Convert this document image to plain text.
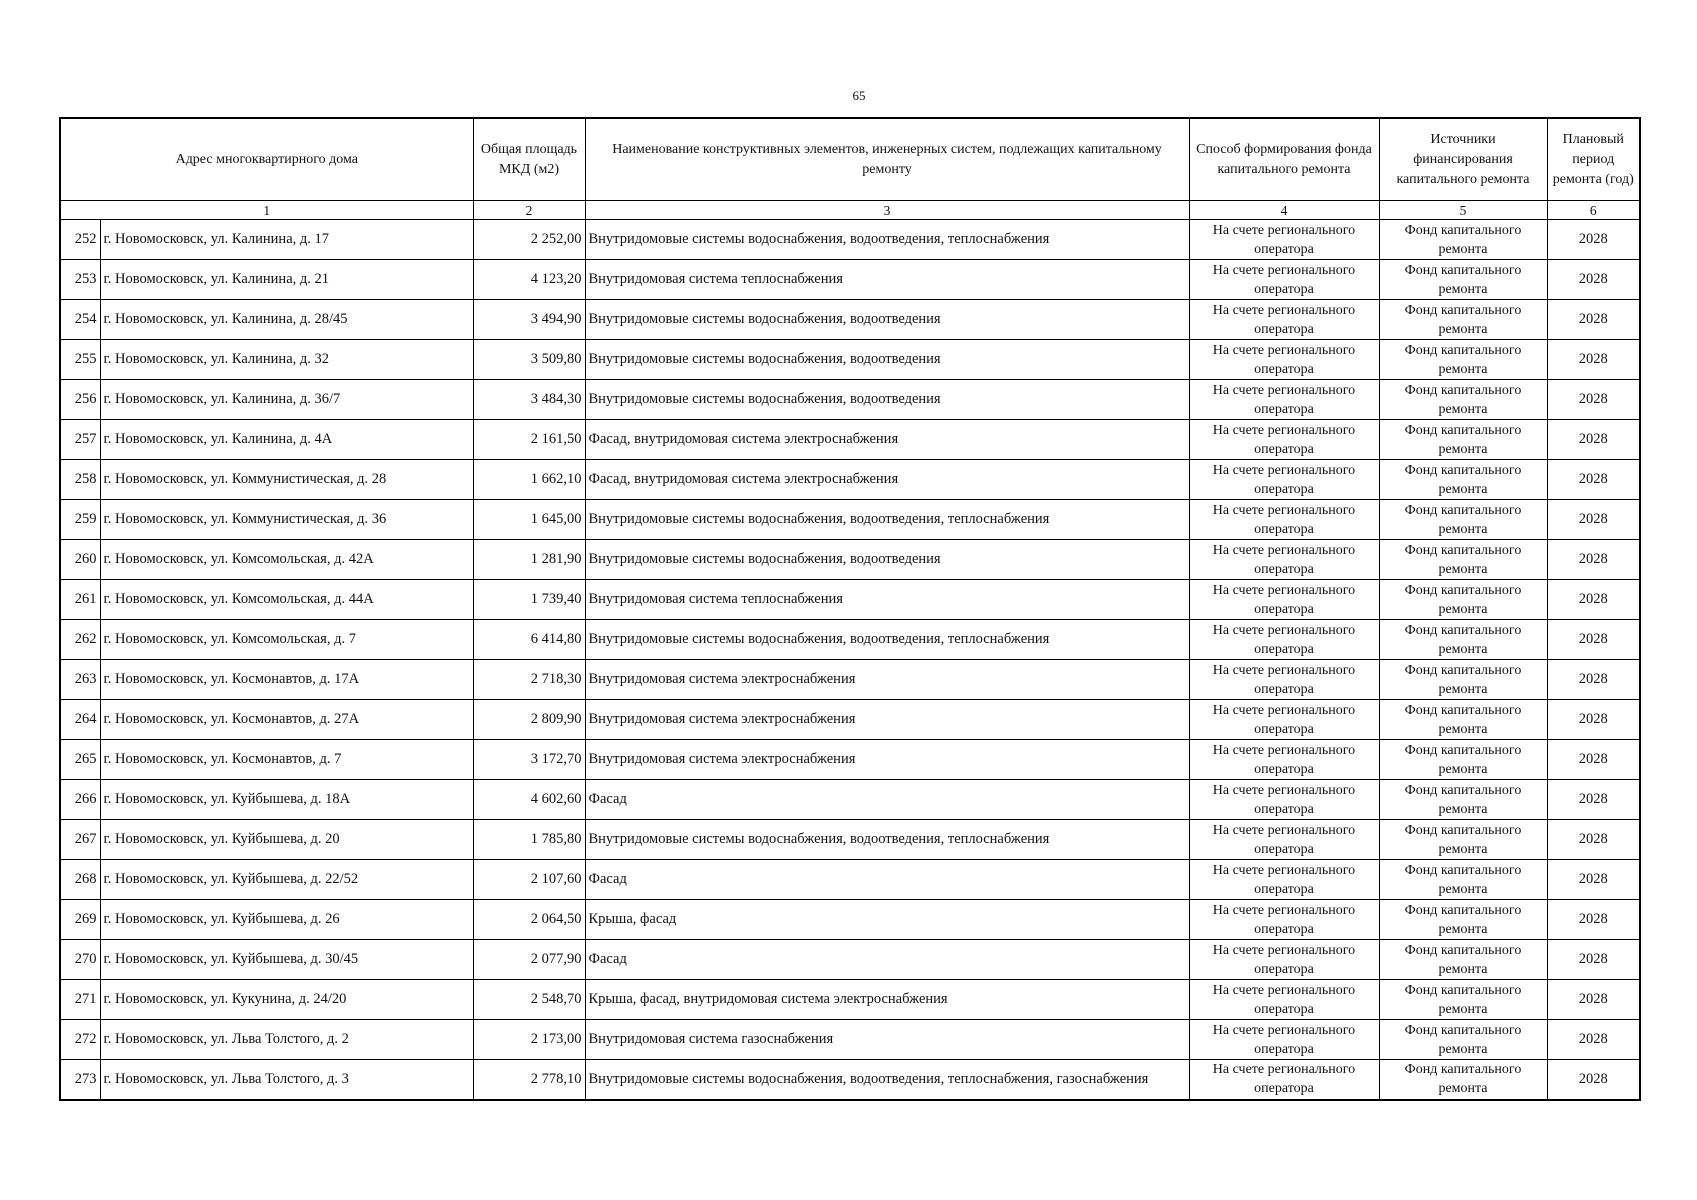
65
Адрес многоквартирного дома		Общая площадь МКД (м2)	Наименование конструктивных элементов, инженерных систем, подлежащих капитальному ремонту	Способ формирования фонда капитального ремонта	Источники финансирования капитального ремонта	Плановый период ремонта (год)
1		2	3	4	5	6
252	г. Новомосковск, ул. Калинина, д. 17	2 252,00	Внутридомовые системы водоснабжения, водоотведения, теплоснабжения	На счете регионального оператора	Фонд капитального ремонта	2028
253	г. Новомосковск, ул. Калинина, д. 21	4 123,20	Внутридомовая система теплоснабжения	На счете регионального оператора	Фонд капитального ремонта	2028
254	г. Новомосковск, ул. Калинина, д. 28/45	3 494,90	Внутридомовые системы водоснабжения, водоотведения	На счете регионального оператора	Фонд капитального ремонта	2028
255	г. Новомосковск, ул. Калинина, д. 32	3 509,80	Внутридомовые системы водоснабжения, водоотведения	На счете регионального оператора	Фонд капитального ремонта	2028
256	г. Новомосковск, ул. Калинина, д. 36/7	3 484,30	Внутридомовые системы водоснабжения, водоотведения	На счете регионального оператора	Фонд капитального ремонта	2028
257	г. Новомосковск, ул. Калинина, д. 4А	2 161,50	Фасад, внутридомовая система электроснабжения	На счете регионального оператора	Фонд капитального ремонта	2028
258	г. Новомосковск, ул. Коммунистическая, д. 28	1 662,10	Фасад, внутридомовая система электроснабжения	На счете регионального оператора	Фонд капитального ремонта	2028
259	г. Новомосковск, ул. Коммунистическая, д. 36	1 645,00	Внутридомовые системы водоснабжения, водоотведения, теплоснабжения	На счете регионального оператора	Фонд капитального ремонта	2028
260	г. Новомосковск, ул. Комсомольская, д. 42А	1 281,90	Внутридомовые системы водоснабжения, водоотведения	На счете регионального оператора	Фонд капитального ремонта	2028
261	г. Новомосковск, ул. Комсомольская, д. 44А	1 739,40	Внутридомовая система теплоснабжения	На счете регионального оператора	Фонд капитального ремонта	2028
262	г. Новомосковск, ул. Комсомольская, д. 7	6 414,80	Внутридомовые системы водоснабжения, водоотведения, теплоснабжения	На счете регионального оператора	Фонд капитального ремонта	2028
263	г. Новомосковск, ул. Космонавтов, д. 17А	2 718,30	Внутридомовая система электроснабжения	На счете регионального оператора	Фонд капитального ремонта	2028
264	г. Новомосковск, ул. Космонавтов, д. 27А	2 809,90	Внутридомовая система электроснабжения	На счете регионального оператора	Фонд капитального ремонта	2028
265	г. Новомосковск, ул. Космонавтов, д. 7	3 172,70	Внутридомовая система электроснабжения	На счете регионального оператора	Фонд капитального ремонта	2028
266	г. Новомосковск, ул. Куйбышева, д. 18А	4 602,60	Фасад	На счете регионального оператора	Фонд капитального ремонта	2028
267	г. Новомосковск, ул. Куйбышева, д. 20	1 785,80	Внутридомовые системы водоснабжения, водоотведения, теплоснабжения	На счете регионального оператора	Фонд капитального ремонта	2028
268	г. Новомосковск, ул. Куйбышева, д. 22/52	2 107,60	Фасад	На счете регионального оператора	Фонд капитального ремонта	2028
269	г. Новомосковск, ул. Куйбышева, д. 26	2 064,50	Крыша, фасад	На счете регионального оператора	Фонд капитального ремонта	2028
270	г. Новомосковск, ул. Куйбышева, д. 30/45	2 077,90	Фасад	На счете регионального оператора	Фонд капитального ремонта	2028
271	г. Новомосковск, ул. Кукунина, д. 24/20	2 548,70	Крыша, фасад, внутридомовая система электроснабжения	На счете регионального оператора	Фонд капитального ремонта	2028
272	г. Новомосковск, ул. Льва Толстого, д. 2	2 173,00	Внутридомовая система газоснабжения	На счете регионального оператора	Фонд капитального ремонта	2028
273	г. Новомосковск, ул. Льва Толстого, д. 3	2 778,10	Внутридомовые системы водоснабжения, водоотведения, теплоснабжения, газоснабжения	На счете регионального оператора	Фонд капитального ремонта	2028
